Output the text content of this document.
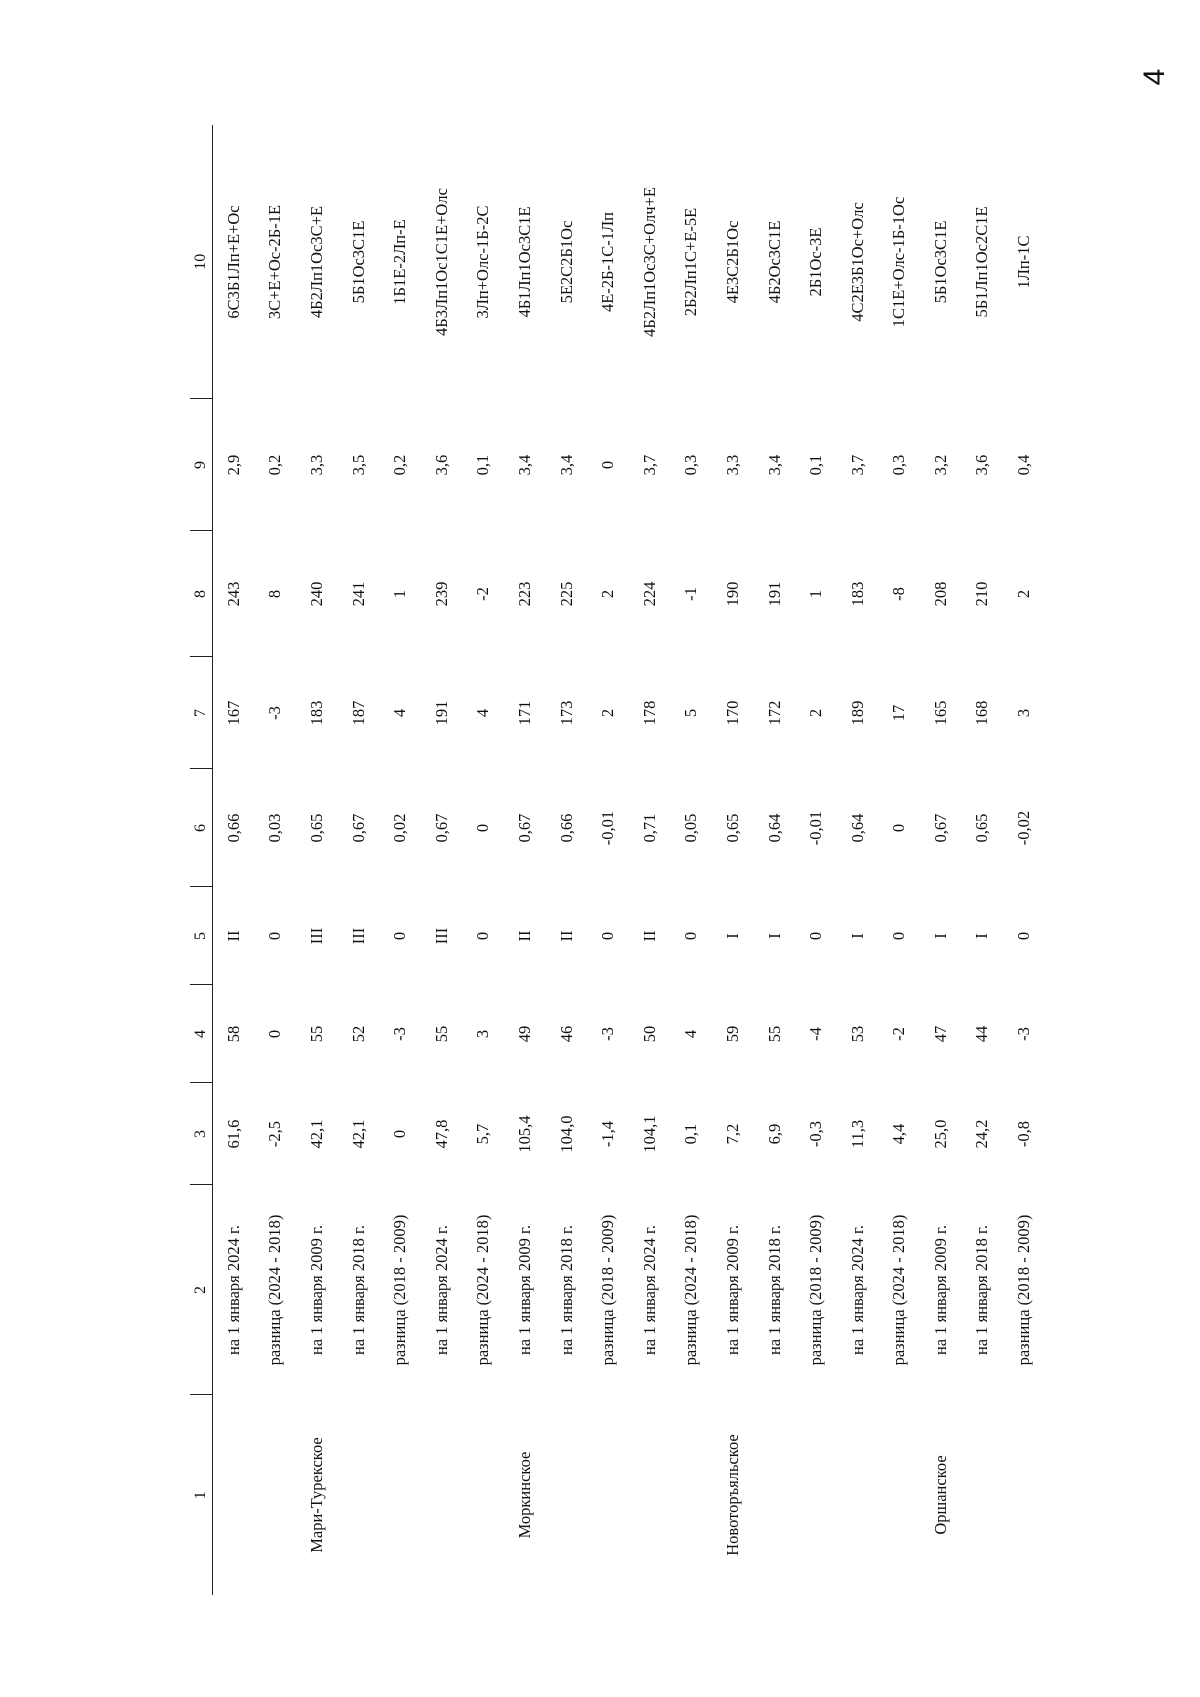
4
1	2	3	4	5	6	7	8	9	10
	на 1 января 2024 г.	61,6	58	II	0,66	167	243	2,9	6С3Б1Лп+Е+Ос
	разница (2024 - 2018)	-2,5	0	0	0,03	-3	8	0,2	3С+Е+Ос-2Б-1Е
Мари-Турекское	на 1 января 2009 г.	42,1	55	III	0,65	183	240	3,3	4Б2Лп1Ос3С+Е
	на 1 января 2018 г.	42,1	52	III	0,67	187	241	3,5	5Б1Ос3С1Е
	разница (2018 - 2009)	0	-3	0	0,02	4	1	0,2	1Б1Е-2Лп-Е
	на 1 января 2024 г.	47,8	55	III	0,67	191	239	3,6	4Б3Лп1Ос1С1Е+Олс
	разница (2024 - 2018)	5,7	3	0	0	4	-2	0,1	3Лп+Олс-1Б-2С
Моркинское	на 1 января 2009 г.	105,4	49	II	0,67	171	223	3,4	4Б1Лп1Ос3С1Е
	на 1 января 2018 г.	104,0	46	II	0,66	173	225	3,4	5Е2С2Б1Ос
	разница (2018 - 2009)	-1,4	-3	0	-0,01	2	2	0	4Е-2Б-1С-1Лп
	на 1 января 2024 г.	104,1	50	II	0,71	178	224	3,7	4Б2Лп1Ос3С+Олч+Е
	разница (2024 - 2018)	0,1	4	0	0,05	5	-1	0,3	2Б2Лп1С+Е-5Е
Новоторъяльское	на 1 января 2009 г.	7,2	59	I	0,65	170	190	3,3	4Е3С2Б1Ос
	на 1 января 2018 г.	6,9	55	I	0,64	172	191	3,4	4Б2Ос3С1Е
	разница (2018 - 2009)	-0,3	-4	0	-0,01	2	1	0,1	2Б1Ос-3Е
	на 1 января 2024 г.	11,3	53	I	0,64	189	183	3,7	4С2Е3Б1Ос+Олс
	разница (2024 - 2018)	4,4	-2	0	0	17	-8	0,3	1С1Е+Олс-1Б-1Ос
Оршанское	на 1 января 2009 г.	25,0	47	I	0,67	165	208	3,2	5Б1Ос3С1Е
	на 1 января 2018 г.	24,2	44	I	0,65	168	210	3,6	5Б1Лп1Ос2С1Е
	разница (2018 - 2009)	-0,8	-3	0	-0,02	3	2	0,4	1Лп-1С
